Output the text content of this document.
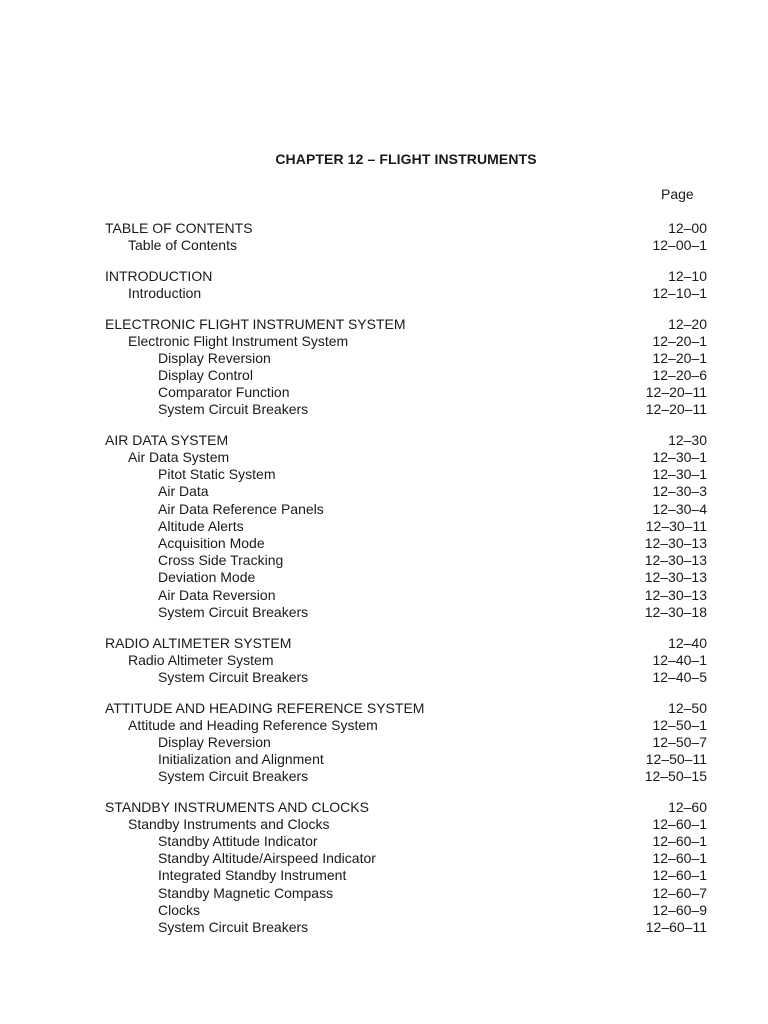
CHAPTER 12 – FLIGHT INSTRUMENTS
Page
TABLE OF CONTENTS	12–00
Table of Contents	12–00–1
INTRODUCTION	12–10
Introduction	12–10–1
ELECTRONIC FLIGHT INSTRUMENT SYSTEM	12–20
Electronic Flight Instrument System	12–20–1
Display Reversion	12–20–1
Display Control	12–20–6
Comparator Function	12–20–11
System Circuit Breakers	12–20–11
AIR DATA SYSTEM	12–30
Air Data System	12–30–1
Pitot Static System	12–30–1
Air Data	12–30–3
Air Data Reference Panels	12–30–4
Altitude Alerts	12–30–11
Acquisition Mode	12–30–13
Cross Side Tracking	12–30–13
Deviation Mode	12–30–13
Air Data Reversion	12–30–13
System Circuit Breakers	12–30–18
RADIO ALTIMETER SYSTEM	12–40
Radio Altimeter System	12–40–1
System Circuit Breakers	12–40–5
ATTITUDE AND HEADING REFERENCE SYSTEM	12–50
Attitude and Heading Reference System	12–50–1
Display Reversion	12–50–7
Initialization and Alignment	12–50–11
System Circuit Breakers	12–50–15
STANDBY INSTRUMENTS AND CLOCKS	12–60
Standby Instruments and Clocks	12–60–1
Standby Attitude Indicator	12–60–1
Standby Altitude/Airspeed Indicator	12–60–1
Integrated Standby Instrument	12–60–1
Standby Magnetic Compass	12–60–7
Clocks	12–60–9
System Circuit Breakers	12–60–11
